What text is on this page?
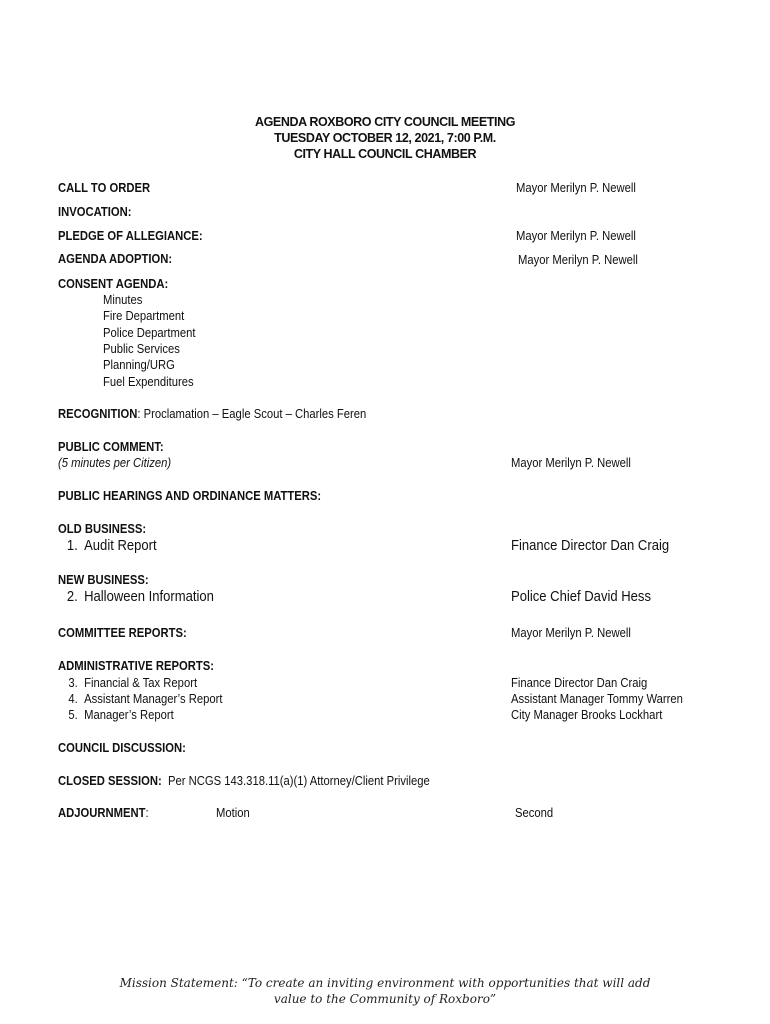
AGENDA ROXBORO CITY COUNCIL MEETING
TUESDAY OCTOBER 12, 2021, 7:00 P.M.
CITY HALL COUNCIL CHAMBER
CALL TO ORDER	Mayor Merilyn P. Newell
INVOCATION:
PLEDGE OF ALLEGIANCE:	Mayor Merilyn P. Newell
AGENDA ADOPTION:	Mayor Merilyn P. Newell
CONSENT AGENDA:
Minutes
Fire Department
Police Department
Public Services
Planning/URG
Fuel Expenditures
RECOGNITION: Proclamation – Eagle Scout – Charles Feren
PUBLIC COMMENT:
(5 minutes per Citizen)	Mayor Merilyn P. Newell
PUBLIC HEARINGS AND ORDINANCE MATTERS:
OLD BUSINESS:
1. Audit Report	Finance Director Dan Craig
NEW BUSINESS:
2. Halloween Information	Police Chief David Hess
COMMITTEE REPORTS:	Mayor Merilyn P. Newell
ADMINISTRATIVE REPORTS:
3. Financial & Tax Report	Finance Director Dan Craig
4. Assistant Manager’s Report	Assistant Manager Tommy Warren
5. Manager’s Report	City Manager Brooks Lockhart
COUNCIL DISCUSSION:
CLOSED SESSION: Per NCGS 143.318.11(a)(1) Attorney/Client Privilege
ADJOURNMENT:	Motion	Second
Mission Statement: “To create an inviting environment with opportunities that will add
value to the Community of Roxboro”
